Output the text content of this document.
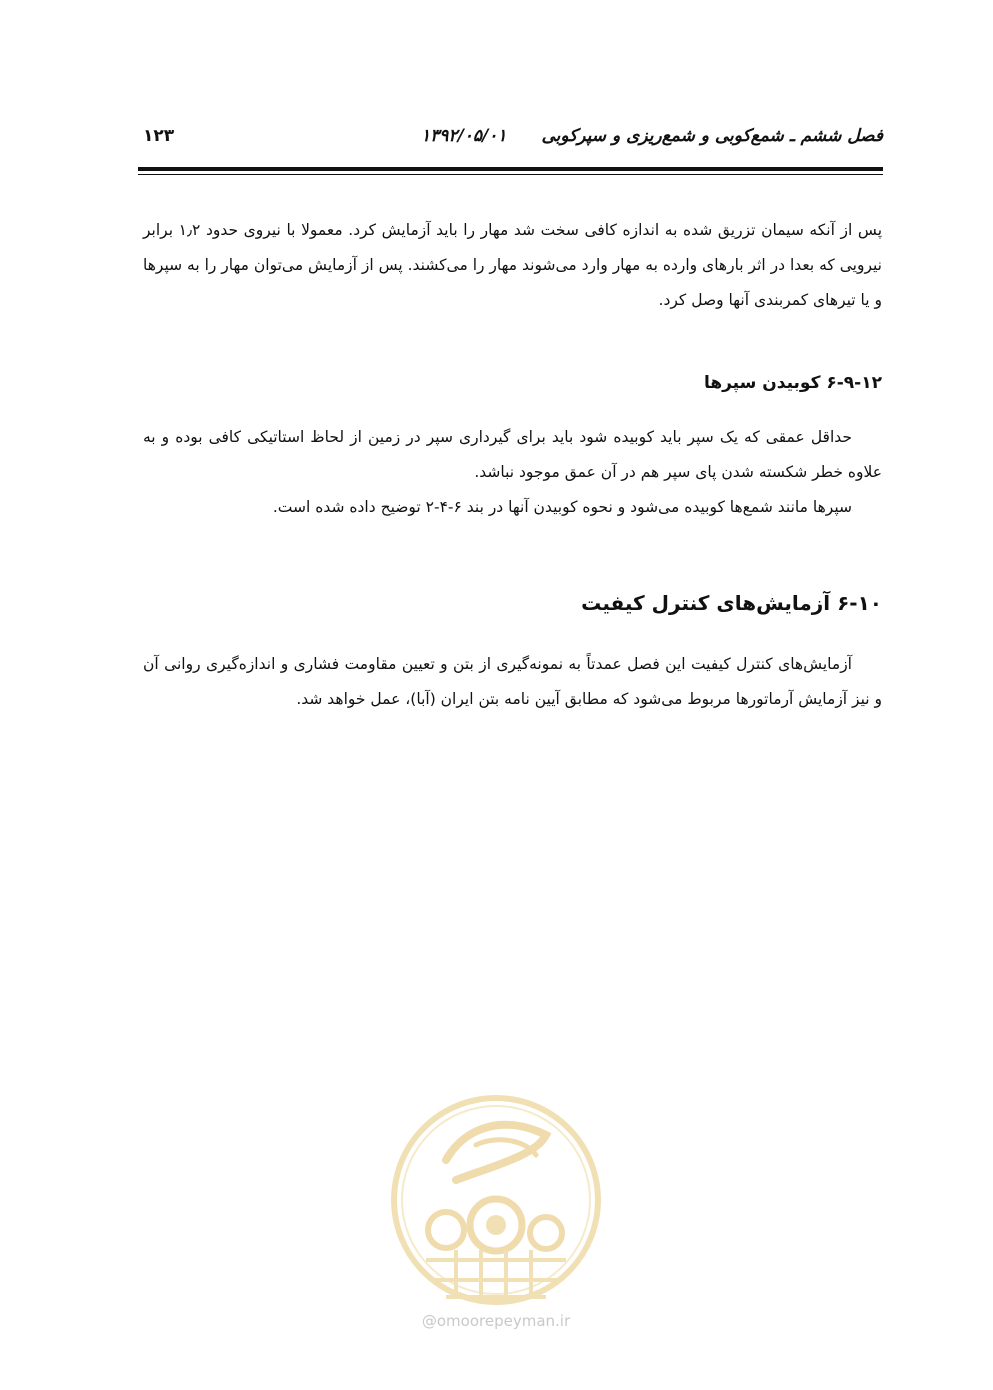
فصل ششم ـ شمع‌کوبی و شمع‌ریزی و سپرکوبی
۱۳۹۲/۰۵/۰۱
۱۲۳

پس از آنکه سیمان تزریق شده به اندازه کافی سخت شد مهار را باید آزمایش کرد. معمولا با نیروی حدود ۱٫۲ برابر نیرویی که بعدا در اثر بارهای وارده به مهار وارد می‌شوند مهار را می‌کشند. پس از آزمایش می‌توان مهار را به سپرها و یا تیرهای کمربندی آنها وصل کرد.

۶-۹-۱۲ کوبیدن سپرها

حداقل عمقی که یک سپر باید کوبیده شود باید برای گیرداری سپر در زمین از لحاظ استاتیکی کافی بوده و به علاوه خطر شکسته شدن پای سپر هم در آن عمق موجود نباشد.

سپرها مانند شمع‌ها کوبیده می‌شود و نحوه کوبیدن آنها در بند ۶-۴-۲ توضیح داده شده است.

۶-۱۰ آزمایش‌های کنترل کیفیت

آزمایش‌های کنترل کیفیت این فصل عمدتاً به نمونه‌گیری از بتن و تعیین مقاومت فشاری و اندازه‌گیری روانی آن و نیز آزمایش آرماتورها مربوط می‌شود که مطابق آیین نامه بتن ایران (آبا)، عمل خواهد شد.

@omoorepeyman.ir
